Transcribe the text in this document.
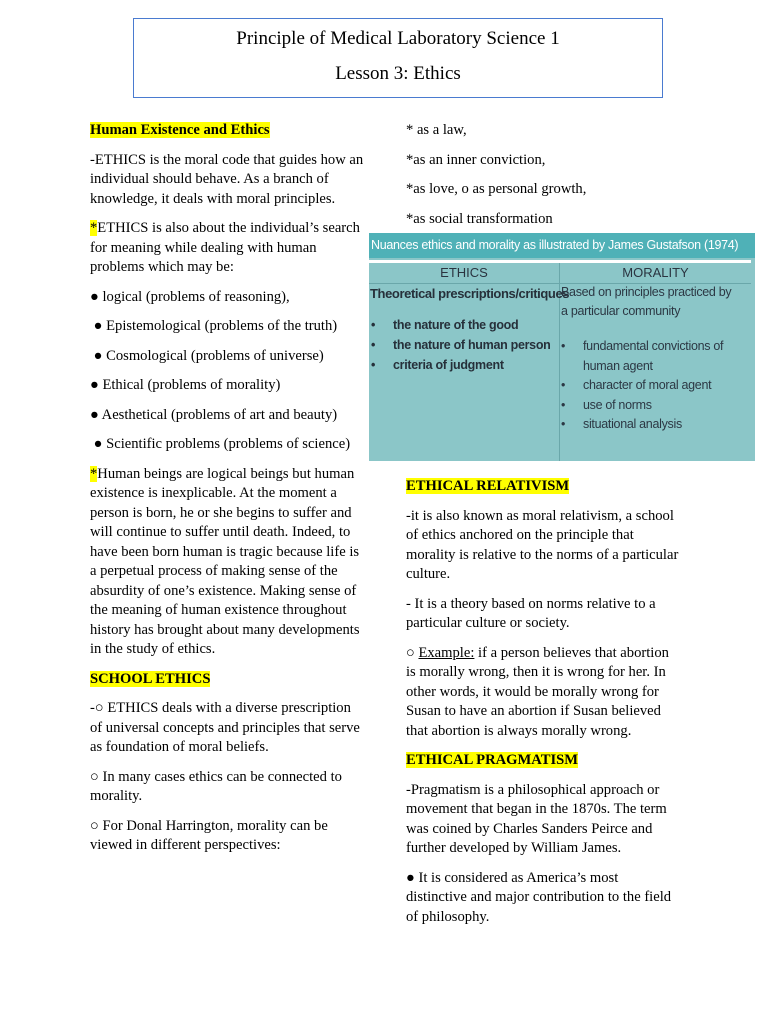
Principle of Medical Laboratory Science 1
Lesson 3: Ethics
Human Existence and Ethics
-ETHICS is the moral code that guides how an individual should behave. As a branch of knowledge, it deals with moral principles.
*ETHICS is also about the individual’s search for meaning while dealing with human problems which may be:
● logical (problems of reasoning),
● Epistemological (problems of the truth)
● Cosmological (problems of universe)
● Ethical (problems of morality)
● Aesthetical (problems of art and beauty)
● Scientific problems (problems of science)
*Human beings are logical beings but human existence is inexplicable. At the moment a person is born, he or she begins to suffer and will continue to suffer until death. Indeed, to have been born human is tragic because life is a perpetual process of making sense of the absurdity of one’s existence. Making sense of the meaning of human existence throughout history has brought about many developments in the study of ethics.
SCHOOL ETHICS
-○ ETHICS deals with a diverse prescription of universal concepts and principles that serve as foundation of moral beliefs.
○ In many cases ethics can be connected to morality.
○ For Donal Harrington, morality can be viewed in different perspectives:
* as a law,
*as an inner conviction,
*as love, o as personal growth,
*as social transformation
Nuances ethics and morality as illustrated by James Gustafson (1974)
ETHICS	MORALITY
Theoretical prescriptions/critiques
• the nature of the good
• the nature of human person
• criteria of judgment
Based on principles practiced by a particular community
• fundamental convictions of human agent
• character of moral agent
• use of norms
• situational analysis
ETHICAL RELATIVISM
-it is also known as moral relativism, a school of ethics anchored on the principle that morality is relative to the norms of a particular culture.
- It is a theory based on norms relative to a particular culture or society.
○ Example: if a person believes that abortion is morally wrong, then it is wrong for her. In other words, it would be morally wrong for Susan to have an abortion if Susan believed that abortion is always morally wrong.
ETHICAL PRAGMATISM
-Pragmatism is a philosophical approach or movement that began in the 1870s. The term was coined by Charles Sanders Peirce and further developed by William James.
● It is considered as America’s most distinctive and major contribution to the field of philosophy.
